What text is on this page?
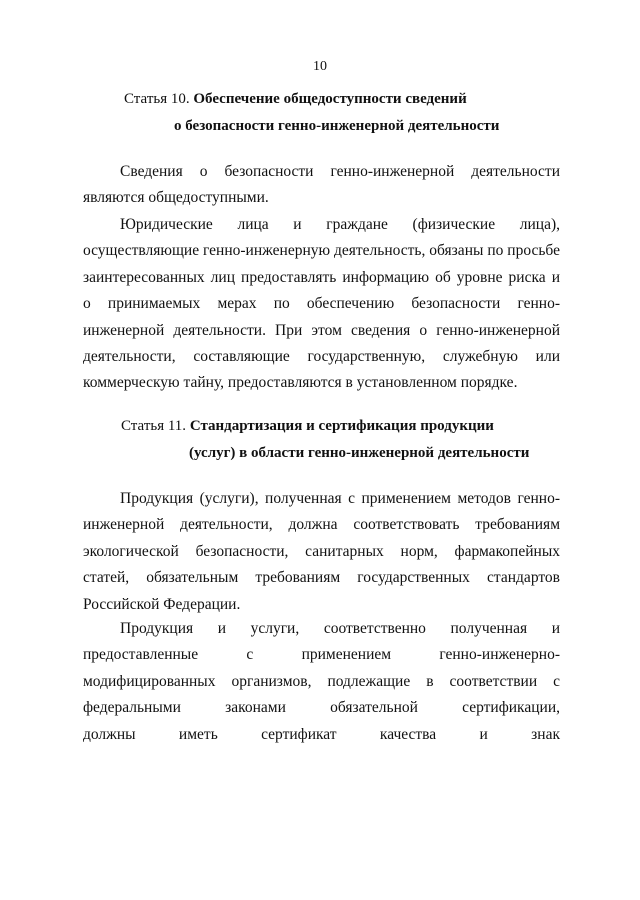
10
Статья 10. Обеспечение общедоступности сведений
о безопасности генно-инженерной деятельности
Сведения о безопасности генно-инженерной деятельности
являются общедоступными.
Юридические лица и граждане (физические лица),
осуществляющие генно-инженерную деятельность, обязаны по просьбе
заинтересованных лиц предоставлять информацию об уровне риска и
о принимаемых мерах по обеспечению безопасности генно-
инженерной деятельности. При этом сведения о генно-инженерной
деятельности, составляющие государственную, служебную или
коммерческую тайну, предоставляются в установленном порядке.
Статья 11. Стандартизация и сертификация продукции
(услуг) в области генно-инженерной деятельности
Продукция (услуги), полученная с применением методов генно-
инженерной деятельности, должна соответствовать требованиям
экологической безопасности, санитарных норм, фармакопейных
статей, обязательным требованиям государственных стандартов
Российской Федерации.
Продукция и услуги, соответственно полученная и
предоставленные с применением генно-инженерно-
модифицированных организмов, подлежащие в соответствии с
федеральными законами обязательной сертификации,
должны иметь сертификат качества и знак
